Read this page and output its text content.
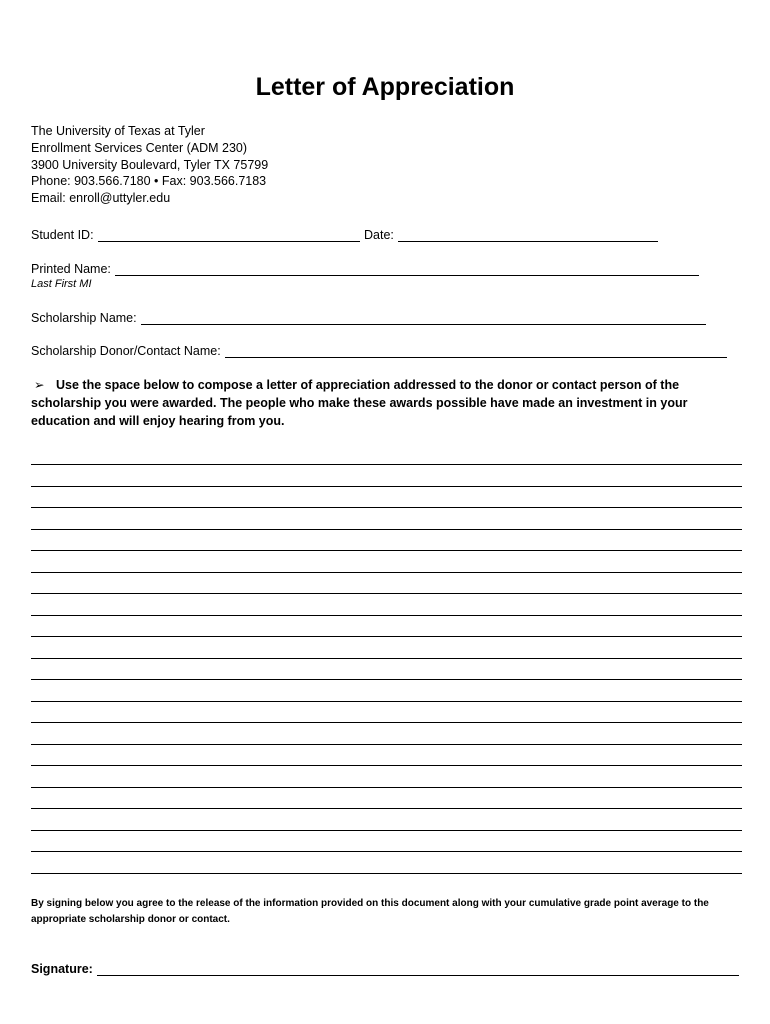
Letter of Appreciation
The University of Texas at Tyler
Enrollment Services Center (ADM 230)
3900 University Boulevard, Tyler TX 75799
Phone: 903.566.7180 • Fax: 903.566.7183
Email: enroll@uttyler.edu
Student ID:	Date:
Printed Name:
Last First MI
Scholarship Name:
Scholarship Donor/Contact Name:
➢ Use the space below to compose a letter of appreciation addressed to the donor or contact person of the scholarship you were awarded. The people who make these awards possible have made an investment in your education and will enjoy hearing from you.
By signing below you agree to the release of the information provided on this document along with your cumulative grade point average to the appropriate scholarship donor or contact.
Signature:
